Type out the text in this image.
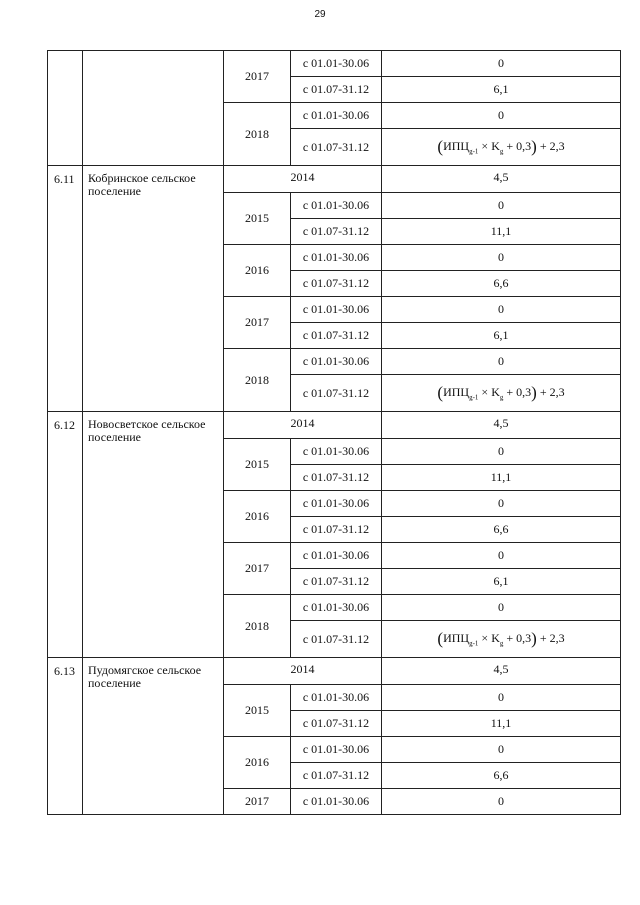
29
2017
с 01.01-30.06	0
с 01.07-31.12	6,1
2018
с 01.01-30.06	0
с 01.07-31.12	$(ИПЦ_{g-1} \times K_g + 0,3) + 2,3$
6.11 Кобринское сельское поселение
2014	4,5
2015
с 01.01-30.06	0
с 01.07-31.12	11,1
2016
с 01.01-30.06	0
с 01.07-31.12	6,6
2017
с 01.01-30.06	0
с 01.07-31.12	6,1
2018
с 01.01-30.06	0
с 01.07-31.12	$(ИПЦ_{g-1} \times K_g + 0,3) + 2,3$
6.12 Новосветское сельское поселение
2014	4,5
2015
с 01.01-30.06	0
с 01.07-31.12	11,1
2016
с 01.01-30.06	0
с 01.07-31.12	6,6
2017
с 01.01-30.06	0
с 01.07-31.12	6,1
2018
с 01.01-30.06	0
с 01.07-31.12	$(ИПЦ_{g-1} \times K_g + 0,3) + 2,3$
6.13 Пудомягское сельское поселение
2014	4,5
2015
с 01.01-30.06	0
с 01.07-31.12	11,1
2016
с 01.01-30.06	0
с 01.07-31.12	6,6
2017	с 01.01-30.06	0
